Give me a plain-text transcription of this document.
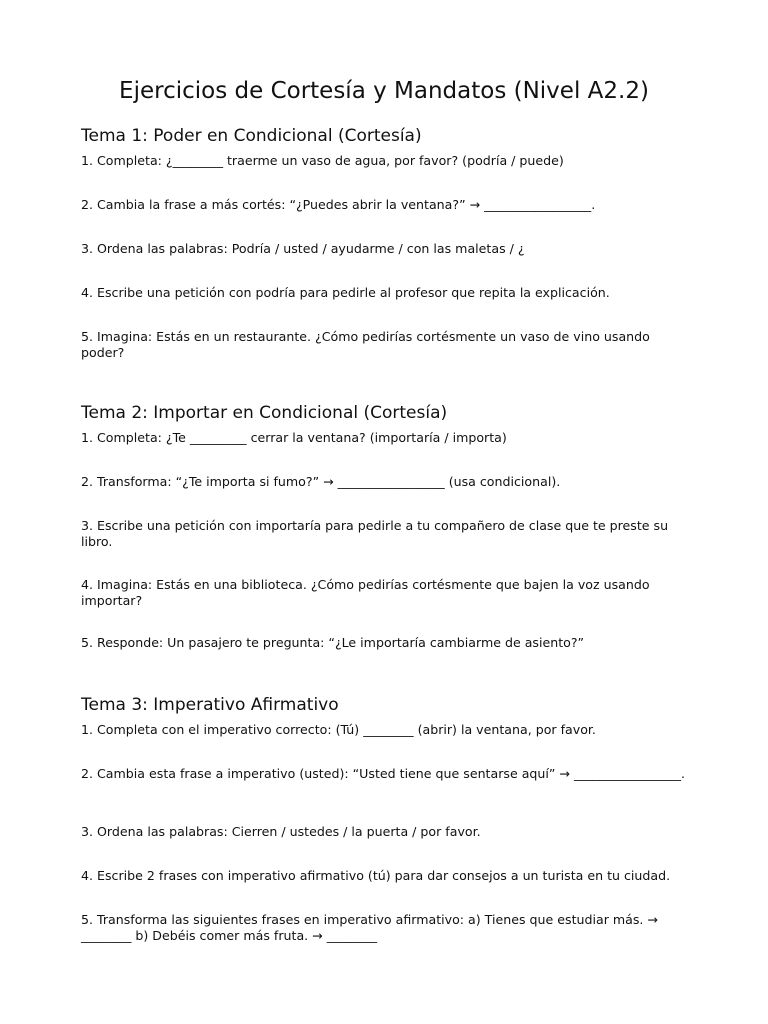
Ejercicios de Cortesía y Mandatos (Nivel A2.2)
Tema 1: Poder en Condicional (Cortesía)

1. Completa: ¿________ traerme un vaso de agua, por favor? (podría / puede)

2. Cambia la frase a más cortés: “¿Puedes abrir la ventana?” → _________________.

3. Ordena las palabras: Podría / usted / ayudarme / con las maletas / ¿

4. Escribe una petición con podría para pedirle al profesor que repita la explicación.

5. Imagina: Estás en un restaurante. ¿Cómo pedirías cortésmente un vaso de vino usando poder?

Tema 2: Importar en Condicional (Cortesía)

1. Completa: ¿Te _________ cerrar la ventana? (importaría / importa)

2. Transforma: “¿Te importa si fumo?” → _________________ (usa condicional).

3. Escribe una petición con importaría para pedirle a tu compañero de clase que te preste su libro.

4. Imagina: Estás en una biblioteca. ¿Cómo pedirías cortésmente que bajen la voz usando importar?

5. Responde: Un pasajero te pregunta: “¿Le importaría cambiarme de asiento?”

Tema 3: Imperativo Afirmativo

1. Completa con el imperativo correcto: (Tú) ________ (abrir) la ventana, por favor.

2. Cambia esta frase a imperativo (usted): “Usted tiene que sentarse aquí” → _________________.

3. Ordena las palabras: Cierren / ustedes / la puerta / por favor.

4. Escribe 2 frases con imperativo afirmativo (tú) para dar consejos a un turista en tu ciudad.

5. Transforma las siguientes frases en imperativo afirmativo: a) Tienes que estudiar más. → ________ b) Debéis comer más fruta. → ________
